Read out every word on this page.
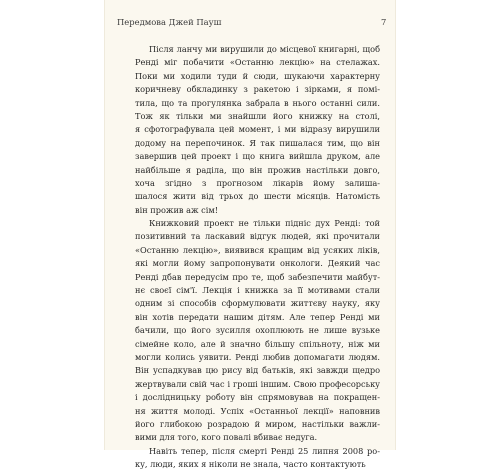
Передмова Джей Пауш	7

Після ланчу ми вирушили до місцевої книгарні, щоб
Ренді міг побачити «Останню лекцію» на стелажах.
Поки ми ходили туди й сюди, шукаючи характерну
коричневу обкладинку з ракетою і зірками, я помі-
тила, що та прогулянка забрала в нього останні сили.
Тож як тільки ми знайшли його книжку на столі,
я сфотографувала цей момент, і ми відразу вирушили
додому на перепочинок. Я так пишалася тим, що він
завершив цей проект і що книга вийшла друком, але
найбільше я раділа, що він прожив настільки довго,
хоча згідно з прогнозом лікарів йому залиша-
шалося жити від трьох до шести місяців. Натомість
він прожив аж сім!

Книжковий проект не тільки підніс дух Ренді: той
позитивний та ласкавий відгук людей, які прочитали
«Останню лекцію», виявився кращим від усяких ліків,
які могли йому запропонувати онкологи. Деякий час
Ренді дбав передусім про те, щоб забезпечити майбут-
нє своєї сім'ї. Лекція і книжка за її мотивами стали
одним зі способів сформулювати життєву науку, яку
він хотів передати нашим дітям. Але тепер Ренді ми
бачили, що його зусилля охоплюють не лише вузьке
сімейне коло, але й значно більшу спільноту, ніж ми
могли колись уявити. Ренді любив допомагати людям.
Він успадкував цю рису від батьків, які завжди щедро
жертвували свій час і гроші іншим. Свою професорську
і дослідницьку роботу він спрямовував на покращен-
ня життя молоді. Успіх «Останньої лекції» наповнив
його глибокою розрадою й миром, настільки важли-
вими для того, кого повалі вбиває недуга.

Навіть тепер, після смерті Ренді 25 липня 2008 ро-
ку, люди, яких я ніколи не знала, часто контактують
